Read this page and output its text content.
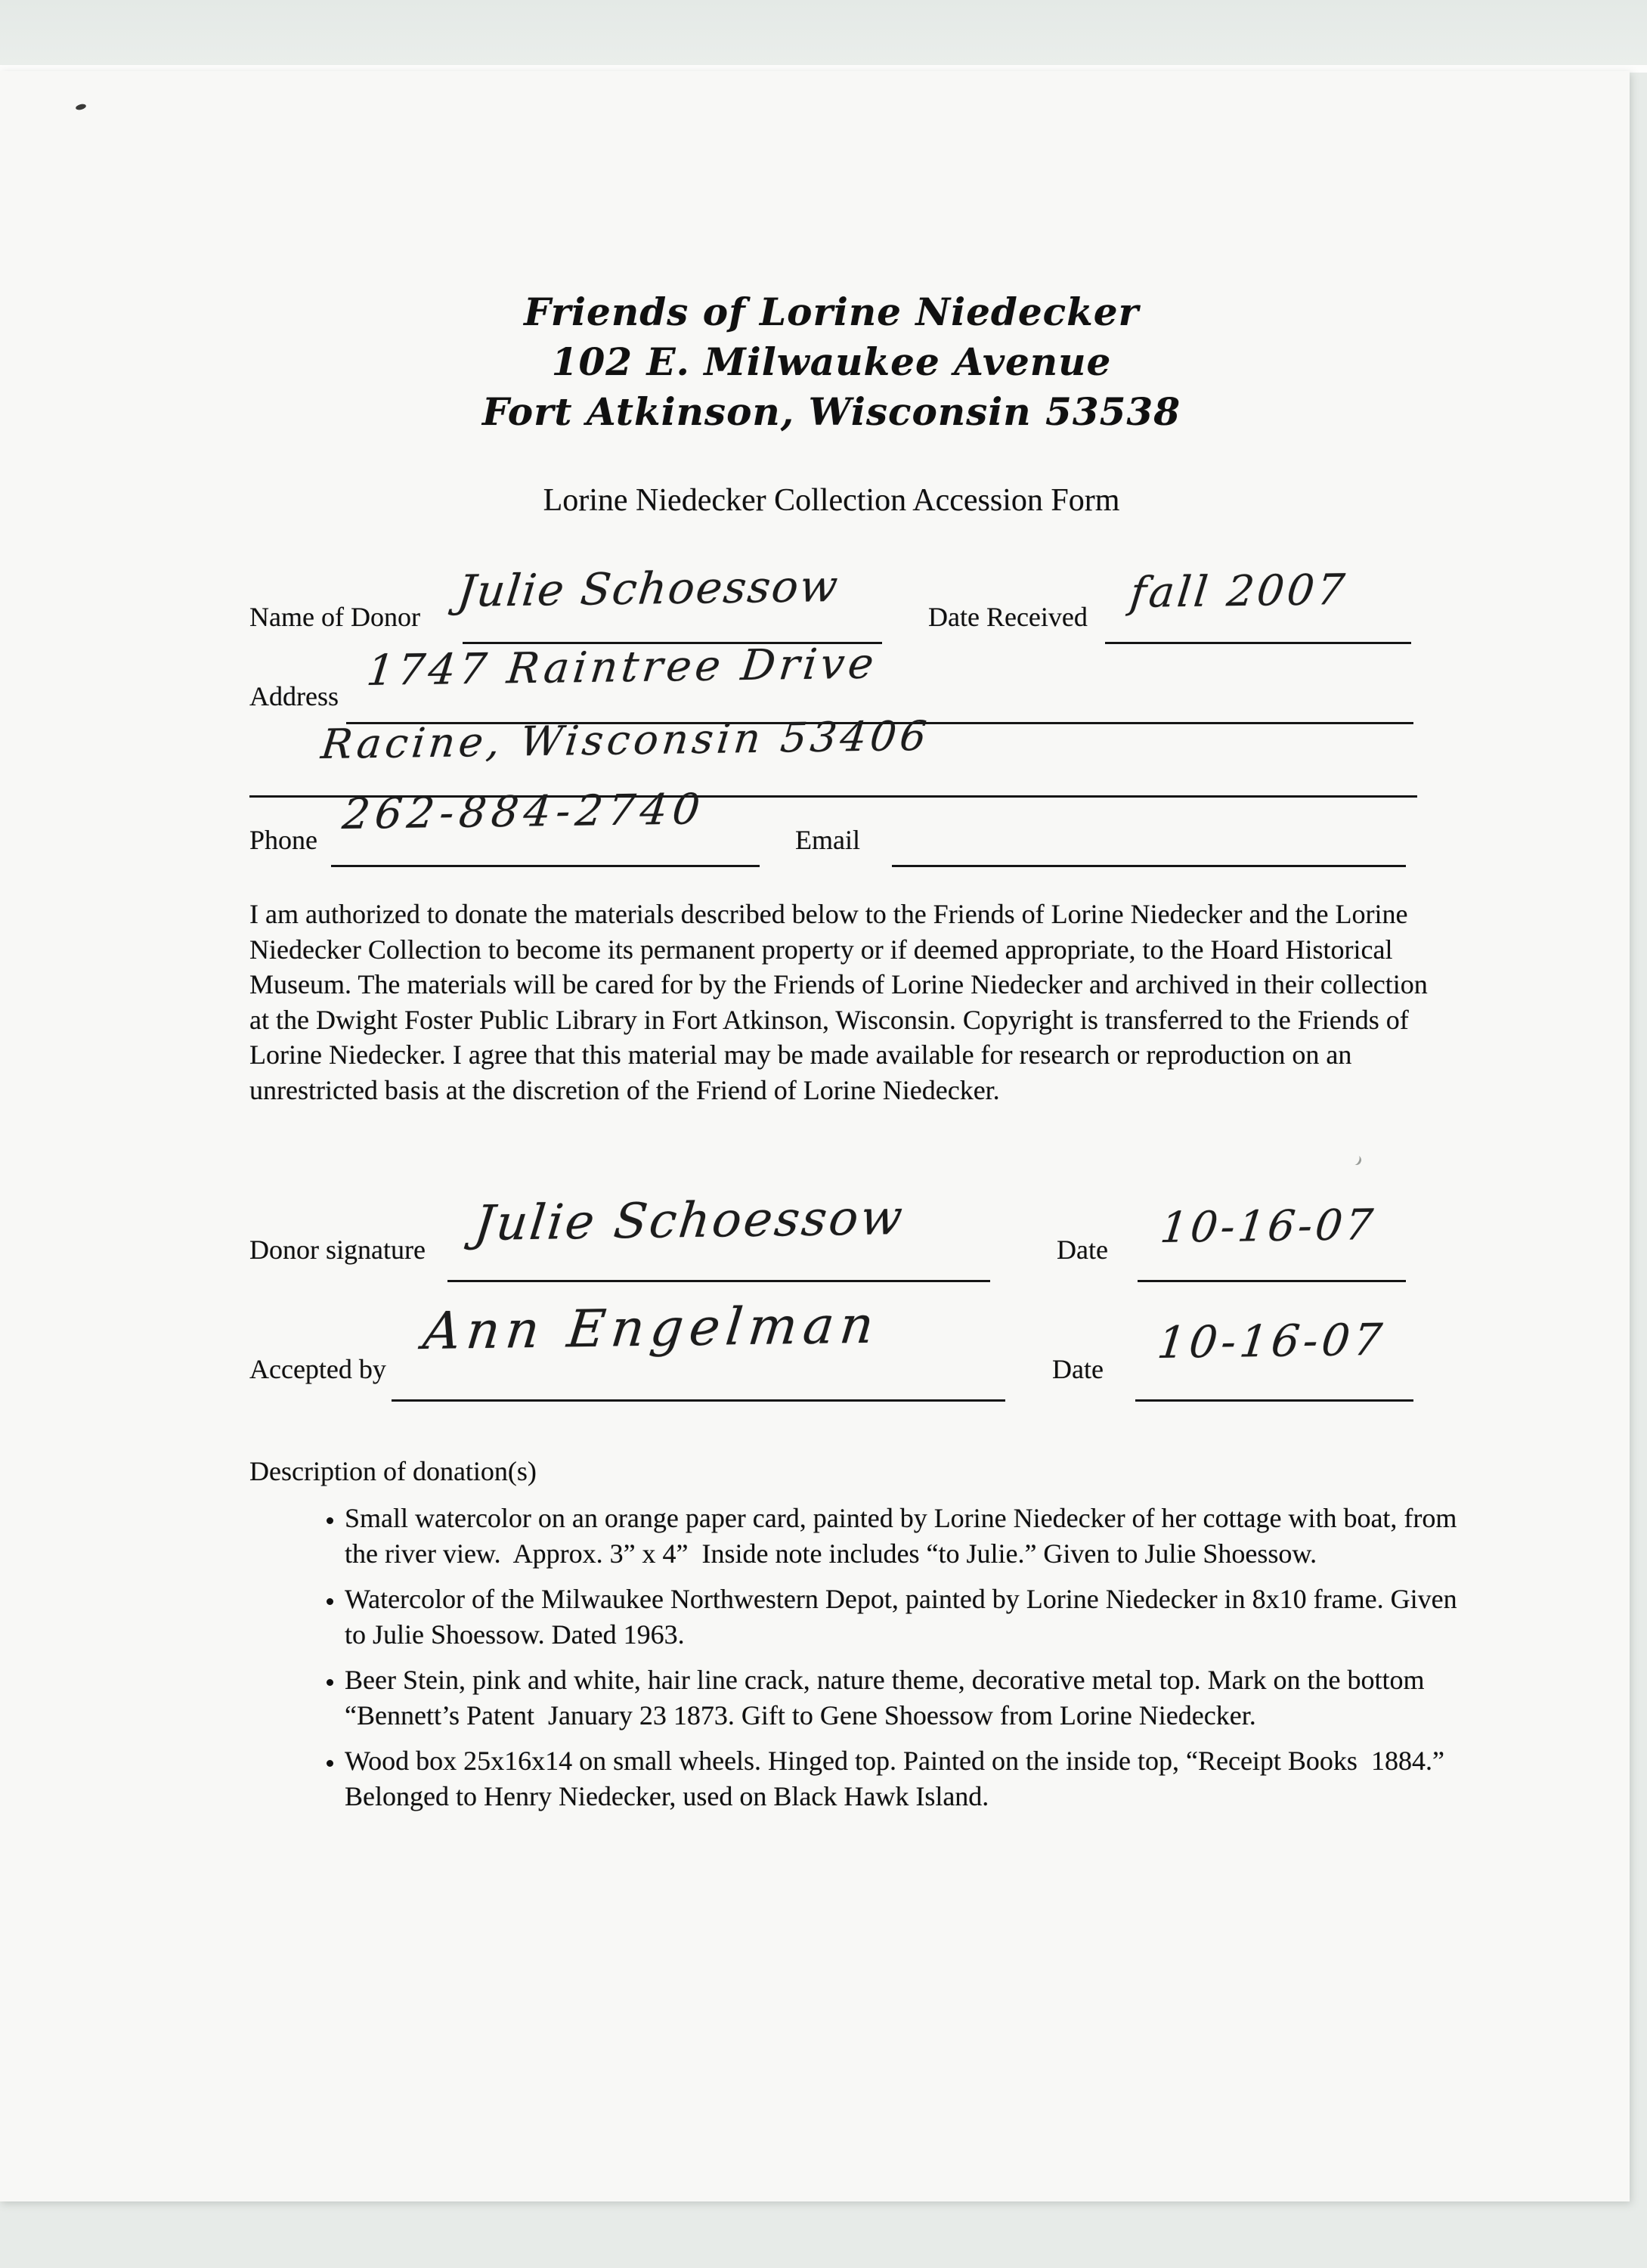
Friends of Lorine Niedecker
102 E. Milwaukee Avenue
Fort Atkinson, Wisconsin 53538
Lorine Niedecker Collection Accession Form
Name of Donor Julie Schoessow	Date Received fall 2007
Address
1747 Raintree Drive
Racine, Wisconsin 53406
Phone
262-884-2740
Email
I am authorized to donate the materials described below to the Friends of Lorine Niedecker and the Lorine Niedecker Collection to become its permanent property or if deemed appropriate, to the Hoard Historical Museum. The materials will be cared for by the Friends of Lorine Niedecker and archived in their collection at the Dwight Foster Public Library in Fort Atkinson, Wisconsin. Copyright is transferred to the Friends of Lorine Niedecker. I agree that this material may be made available for research or reproduction on an unrestricted basis at the discretion of the Friend of Lorine Niedecker.
Donor signature Julie Schoessow	Date 10-16-07
Accepted by
Ann Engelman
Date
10-16-07
Description of donation(s)
• Small watercolor on an orange paper card, painted by Lorine Niedecker of her cottage with boat, from the river view.  Approx. 3” x 4”  Inside note includes “to Julie.” Given to Julie Shoessow.
• Watercolor of the Milwaukee Northwestern Depot, painted by Lorine Niedecker in 8x10 frame. Given to Julie Shoessow. Dated 1963.
• Beer Stein, pink and white, hair line crack, nature theme, decorative metal top. Mark on the bottom “Bennett’s Patent  January 23 1873. Gift to Gene Shoessow from Lorine Niedecker.
• Wood box 25x16x14 on small wheels. Hinged top. Painted on the inside top, “Receipt Books  1884.” Belonged to Henry Niedecker, used on Black Hawk Island.
